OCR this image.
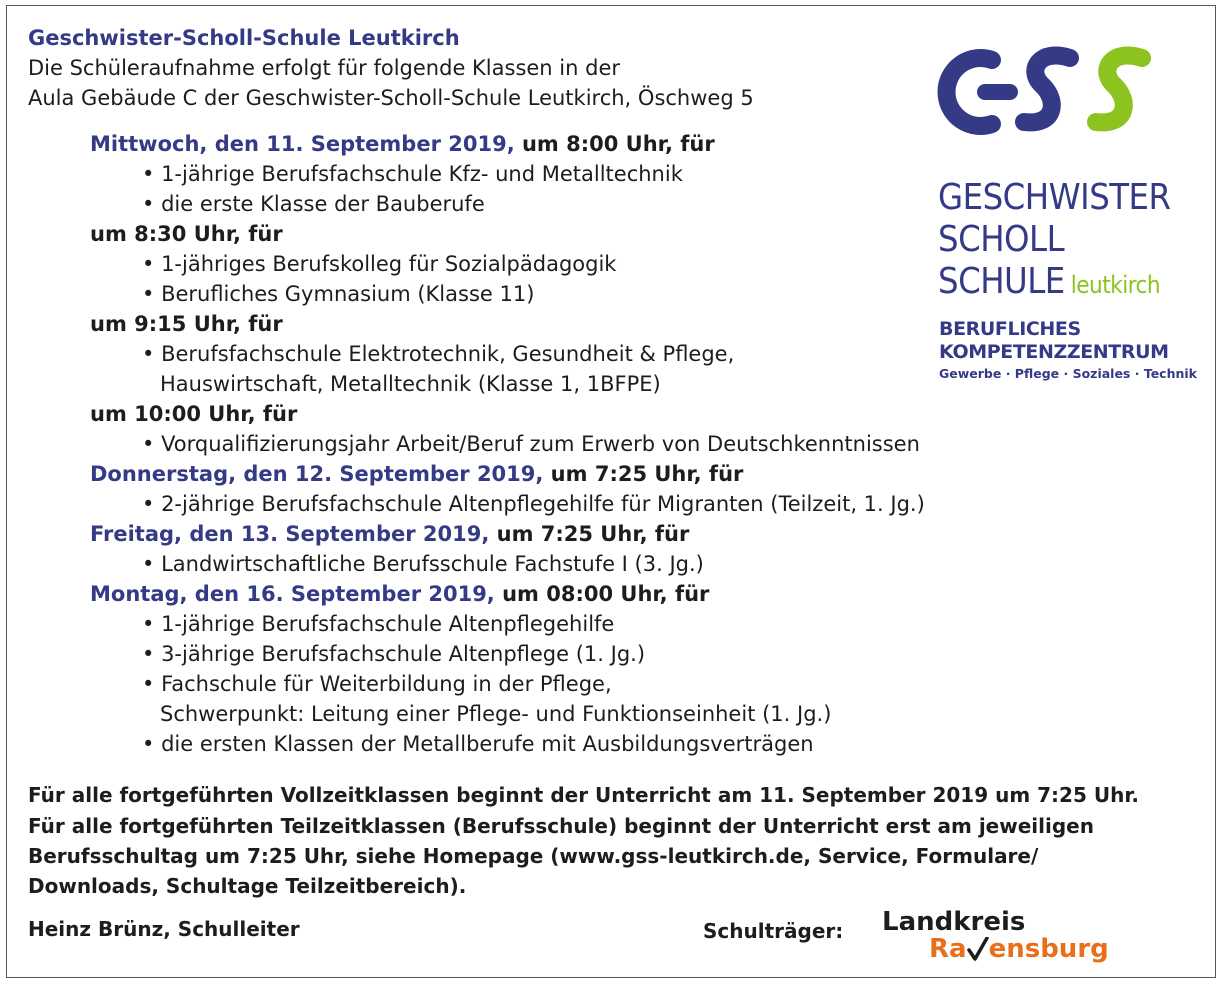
Geschwister-Scholl-Schule Leutkirch
Die Schüleraufnahme erfolgt für folgende Klassen in der
Aula Gebäude C der Geschwister-Scholl-Schule Leutkirch, Öschweg 5
Mittwoch, den 11. September 2019, um 8:00 Uhr, für
• 1-jährige Berufsfachschule Kfz- und Metalltechnik
• die erste Klasse der Bauberufe
um 8:30 Uhr, für
• 1-jähriges Berufskolleg für Sozialpädagogik
• Berufliches Gymnasium (Klasse 11)
um 9:15 Uhr, für
• Berufsfachschule Elektrotechnik, Gesundheit & Pflege,
Hauswirtschaft, Metalltechnik (Klasse 1, 1BFPE)
um 10:00 Uhr, für
• Vorqualifizierungsjahr Arbeit/Beruf zum Erwerb von Deutschkenntnissen
Donnerstag, den 12. September 2019, um 7:25 Uhr, für
• 2-jährige Berufsfachschule Altenpflegehilfe für Migranten (Teilzeit, 1. Jg.)
Freitag, den 13. September 2019, um 7:25 Uhr, für
• Landwirtschaftliche Berufsschule Fachstufe I (3. Jg.)
Montag, den 16. September 2019, um 08:00 Uhr, für
• 1-jährige Berufsfachschule Altenpflegehilfe
• 3-jährige Berufsfachschule Altenpflege (1. Jg.)
• Fachschule für Weiterbildung in der Pflege,
Schwerpunkt: Leitung einer Pflege- und Funktionseinheit (1. Jg.)
• die ersten Klassen der Metallberufe mit Ausbildungsverträgen
Für alle fortgeführten Vollzeitklassen beginnt der Unterricht am 11. September 2019 um 7:25 Uhr.
Für alle fortgeführten Teilzeitklassen (Berufsschule) beginnt der Unterricht erst am jeweiligen
Berufsschultag um 7:25 Uhr, siehe Homepage (www.gss-leutkirch.de, Service, Formulare/
Downloads, Schultage Teilzeitbereich).
Heinz Brünz, Schulleiter	Schulträger: Landkreis
Ra ensburg
GESCHWISTER
SCHOLL
SCHULE leutkirch
BERUFLICHES
KOMPETENZZENTRUM
Gewerbe · Pflege · Soziales · Technik
